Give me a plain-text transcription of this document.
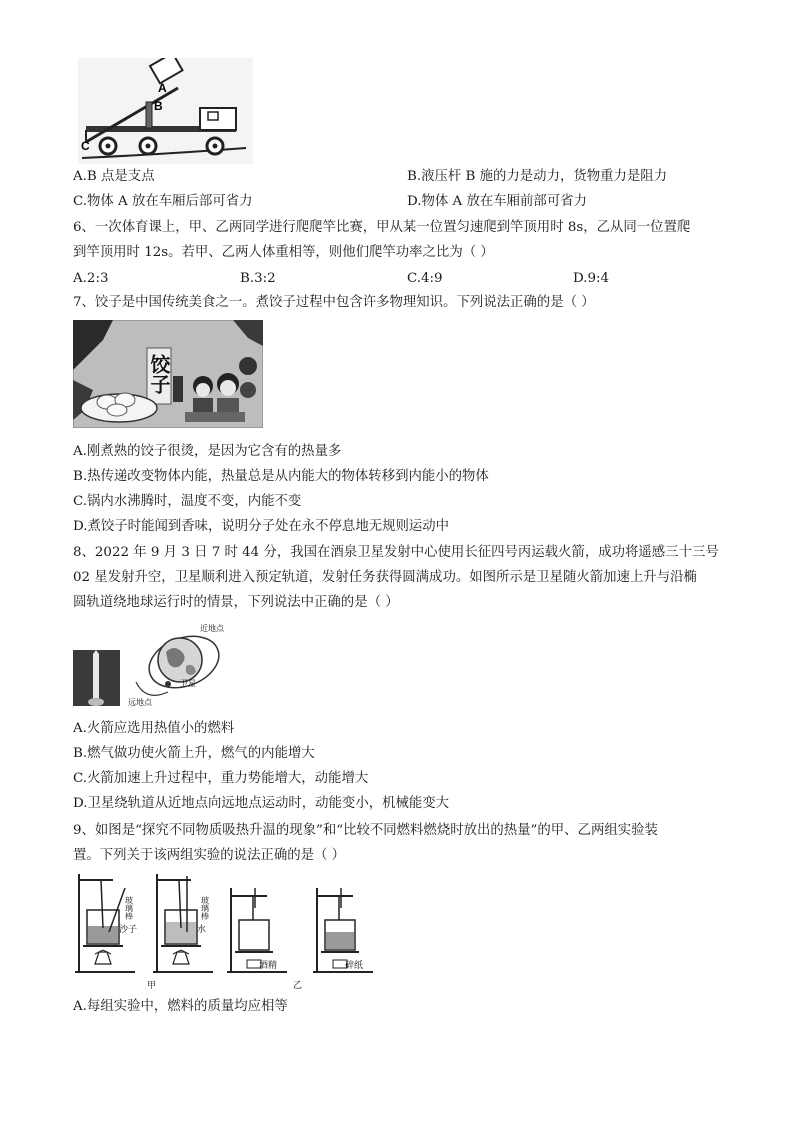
A
B
C
A.B 点是支点	B.液压杆 B 施的力是动力，货物重力是阻力
C.物体 A 放在车厢后部可省力	D.物体 A 放在车厢前部可省力
6、一次体育课上，甲、乙两同学进行爬爬竿比赛，甲从某一位置匀速爬到竿顶用时 8s，乙从同一位置爬
到竿顶用时 12s。若甲、乙两人体重相等，则他们爬竿功率之比为（ ）
A.2:3	B.3:2	C.4:9	D.9:4
7、饺子是中国传统美食之一。煮饺子过程中包含许多物理知识。下列说法正确的是（ ）
饺子
A.刚煮熟的饺子很烫，是因为它含有的热量多
B.热传递改变物体内能，热量总是从内能大的物体转移到内能小的物体
C.锅内水沸腾时，温度不变，内能不变
D.煮饺子时能闻到香味，说明分子处在永不停息地无规则运动中
8、2022 年 9 月 3 日 7 时 44 分，我国在酒泉卫星发射中心使用长征四号丙运载火箭，成功将遥感三十三号
02 星发射升空，卫星顺利进入预定轨道，发射任务获得圆满成功。如图所示是卫星随火箭加速上升与沿椭
圆轨道绕地球运行时的情景，下列说法中正确的是（ ）
近地点
卫星
远地点
A.火箭应选用热值小的燃料
B.燃气做功使火箭上升，燃气的内能增大
C.火箭加速上升过程中，重力势能增大，动能增大
D.卫星绕轨道从近地点向远地点运动时，动能变小，机械能变大
9、如图是“探究不同物质吸热升温的现象”和“比较不同燃料燃烧时放出的热量”的甲、乙两组实验装
置。下列关于该两组实验的说法正确的是（ ）
玻璃棒
沙子
玻璃棒
水
甲
酒精	碎纸
乙
A.每组实验中，燃料的质量均应相等
